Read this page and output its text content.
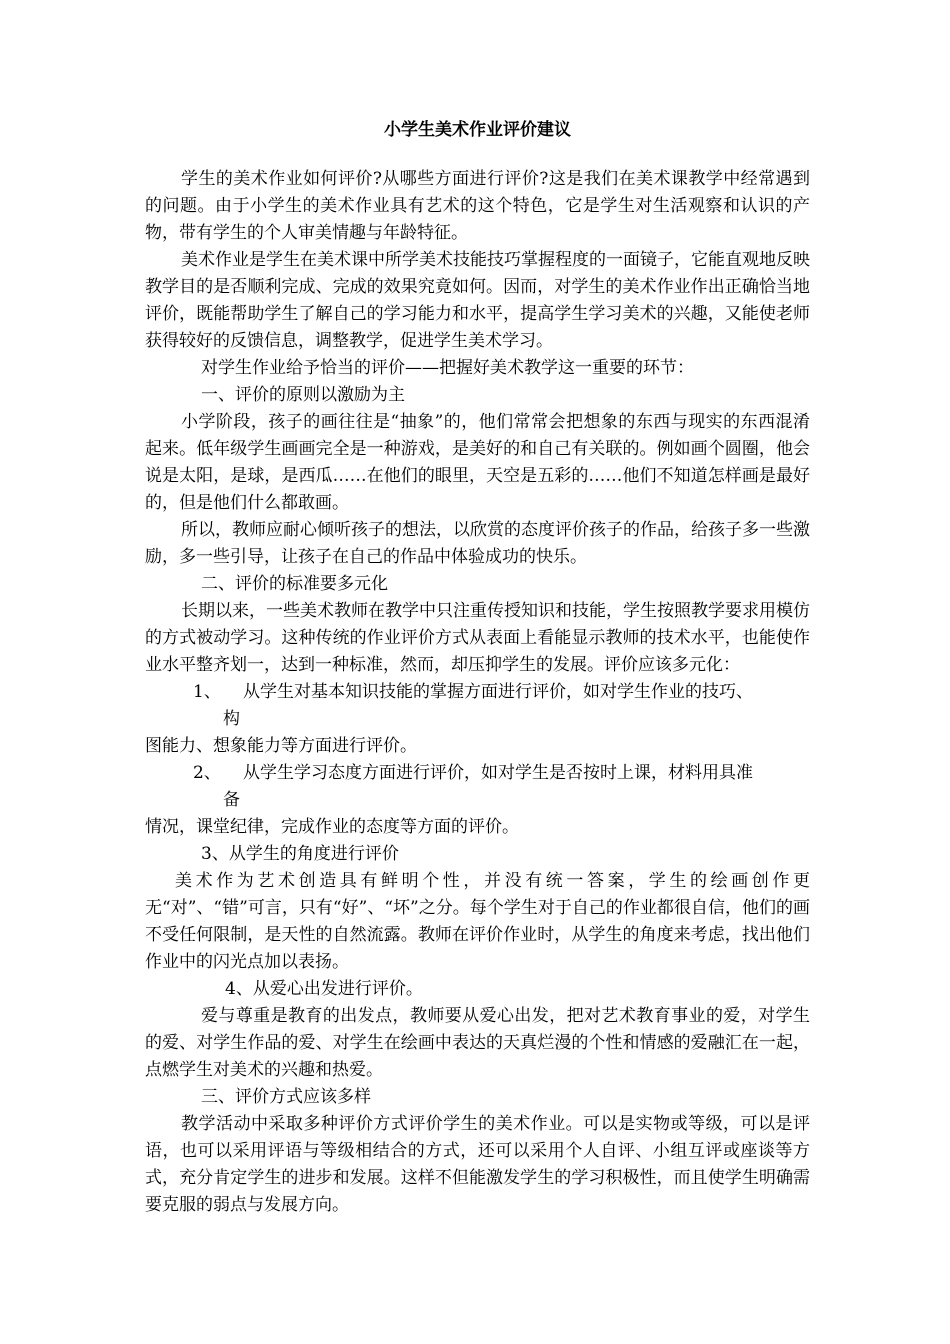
小学生美术作业评价建议

学生的美术作业如何评价?从哪些方面进行评价?这是我们在美术课教学中经常遇到的问题。由于小学生的美术作业具有艺术的这个特色，它是学生对生活观察和认识的产物，带有学生的个人审美情趣与年龄特征。

美术作业是学生在美术课中所学美术技能技巧掌握程度的一面镜子，它能直观地反映教学目的是否顺利完成、完成的效果究竟如何。因而，对学生的美术作业作出正确恰当地评价，既能帮助学生了解自己的学习能力和水平，提高学生学习美术的兴趣，又能使老师获得较好的反馈信息，调整教学，促进学生美术学习。

对学生作业给予恰当的评价——把握好美术教学这一重要的环节：

一、评价的原则以激励为主

小学阶段，孩子的画往往是“抽象”的，他们常常会把想象的东西与现实的东西混淆起来。低年级学生画画完全是一种游戏，是美好的和自己有关联的。例如画个圆圈，他会说是太阳，是球，是西瓜……在他们的眼里，天空是五彩的……他们不知道怎样画是最好的，但是他们什么都敢画。

所以，教师应耐心倾听孩子的想法，以欣赏的态度评价孩子的作品，给孩子多一些激励，多一些引导，让孩子在自己的作品中体验成功的快乐。

二、评价的标准要多元化

长期以来，一些美术教师在教学中只注重传授知识和技能，学生按照教学要求用模仿的方式被动学习。这种传统的作业评价方式从表面上看能显示教师的技术水平，也能使作业水平整齐划一，达到一种标准，然而，却压抑学生的发展。评价应该多元化：

1、 从学生对基本知识技能的掌握方面进行评价，如对学生作业的技巧、

构

图能力、想象能力等方面进行评价。

2、 从学生学习态度方面进行评价，如对学生是否按时上课，材料用具准

备

情况，课堂纪律，完成作业的态度等方面的评价。

3、从学生的角度进行评价

美术作为艺术创造具有鲜明个性，并没有统一答案，学生的绘画创作更无“对”、“错”可言，只有“好”、“坏”之分。每个学生对于自己的作业都很自信，他们的画不受任何限制，是天性的自然流露。教师在评价作业时，从学生的角度来考虑，找出他们作业中的闪光点加以表扬。

4、从爱心出发进行评价。

爱与尊重是教育的出发点，教师要从爱心出发，把对艺术教育事业的爱，对学生的爱、对学生作品的爱、对学生在绘画中表达的天真烂漫的个性和情感的爱融汇在一起，点燃学生对美术的兴趣和热爱。

三、评价方式应该多样

教学活动中采取多种评价方式评价学生的美术作业。可以是实物或等级，可以是评语，也可以采用评语与等级相结合的方式，还可以采用个人自评、小组互评或座谈等方式，充分肯定学生的进步和发展。这样不但能激发学生的学习积极性，而且使学生明确需要克服的弱点与发展方向。
